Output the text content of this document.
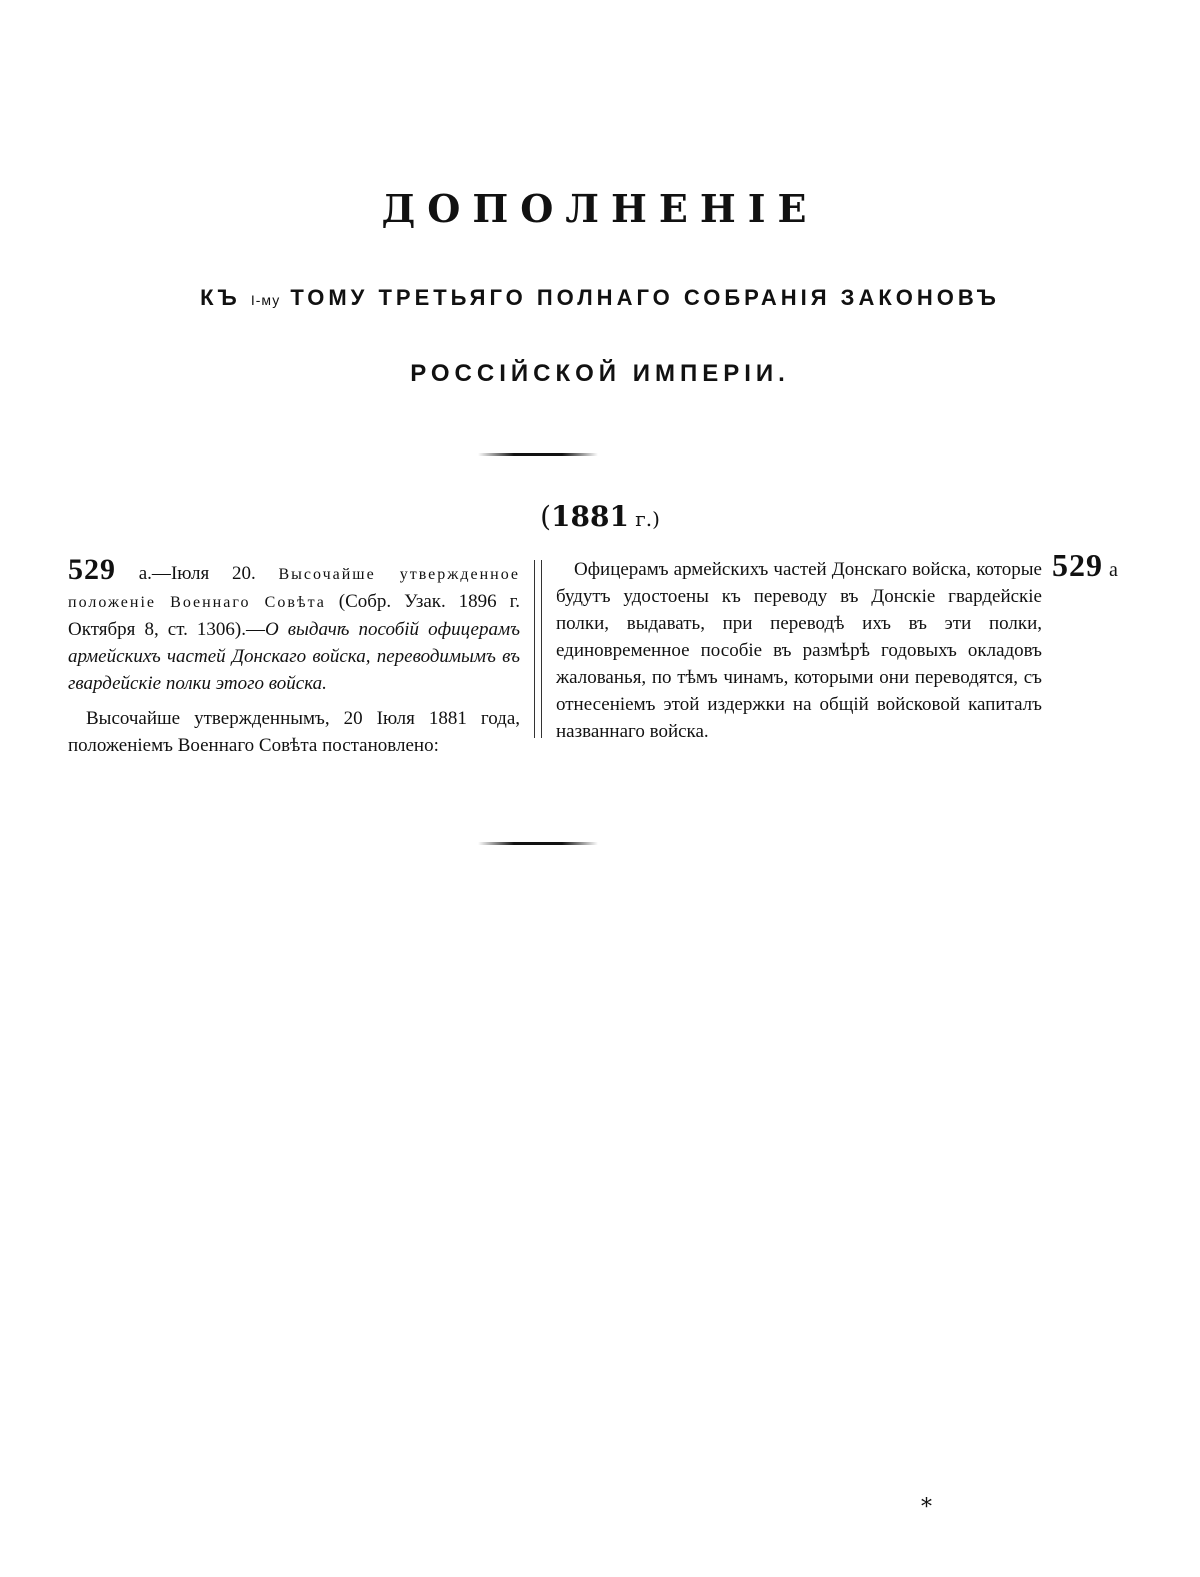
ДОПОЛНЕНІЕ
КЪ I-му ТОМУ ТРЕТЬЯГО ПОЛНАГО СОБРАНІЯ ЗАКОНОВЪ
РОССІЙСКОЙ ИМПЕРІИ.
(1881 г.)

529 а.—Іюля 20. Высочайше утвержденное положеніе Военнаго Совѣта (Собр. Узак. 1896 г. Октября 8, ст. 1306).—О выдачѣ пособій офицерамъ армейскихъ частей Донскаго войска, переводимымъ въ гвардейскіе полки этого войска.

Высочайше утвержденнымъ, 20 Іюля 1881 года, положеніемъ Военнаго Совѣта постановлено:

Офицерамъ армейскихъ частей Донскаго войска, которые будутъ удостоены къ переводу въ Донскіе гвардейскіе полки, выдавать, при переводѣ ихъ въ эти полки, единовременное пособіе въ размѣрѣ годовыхъ окладовъ жалованья, по тѣмъ чинамъ, которыми они переводятся, съ отнесеніемъ этой издержки на общій войсковой капиталъ названнаго войска.

529 а
*
